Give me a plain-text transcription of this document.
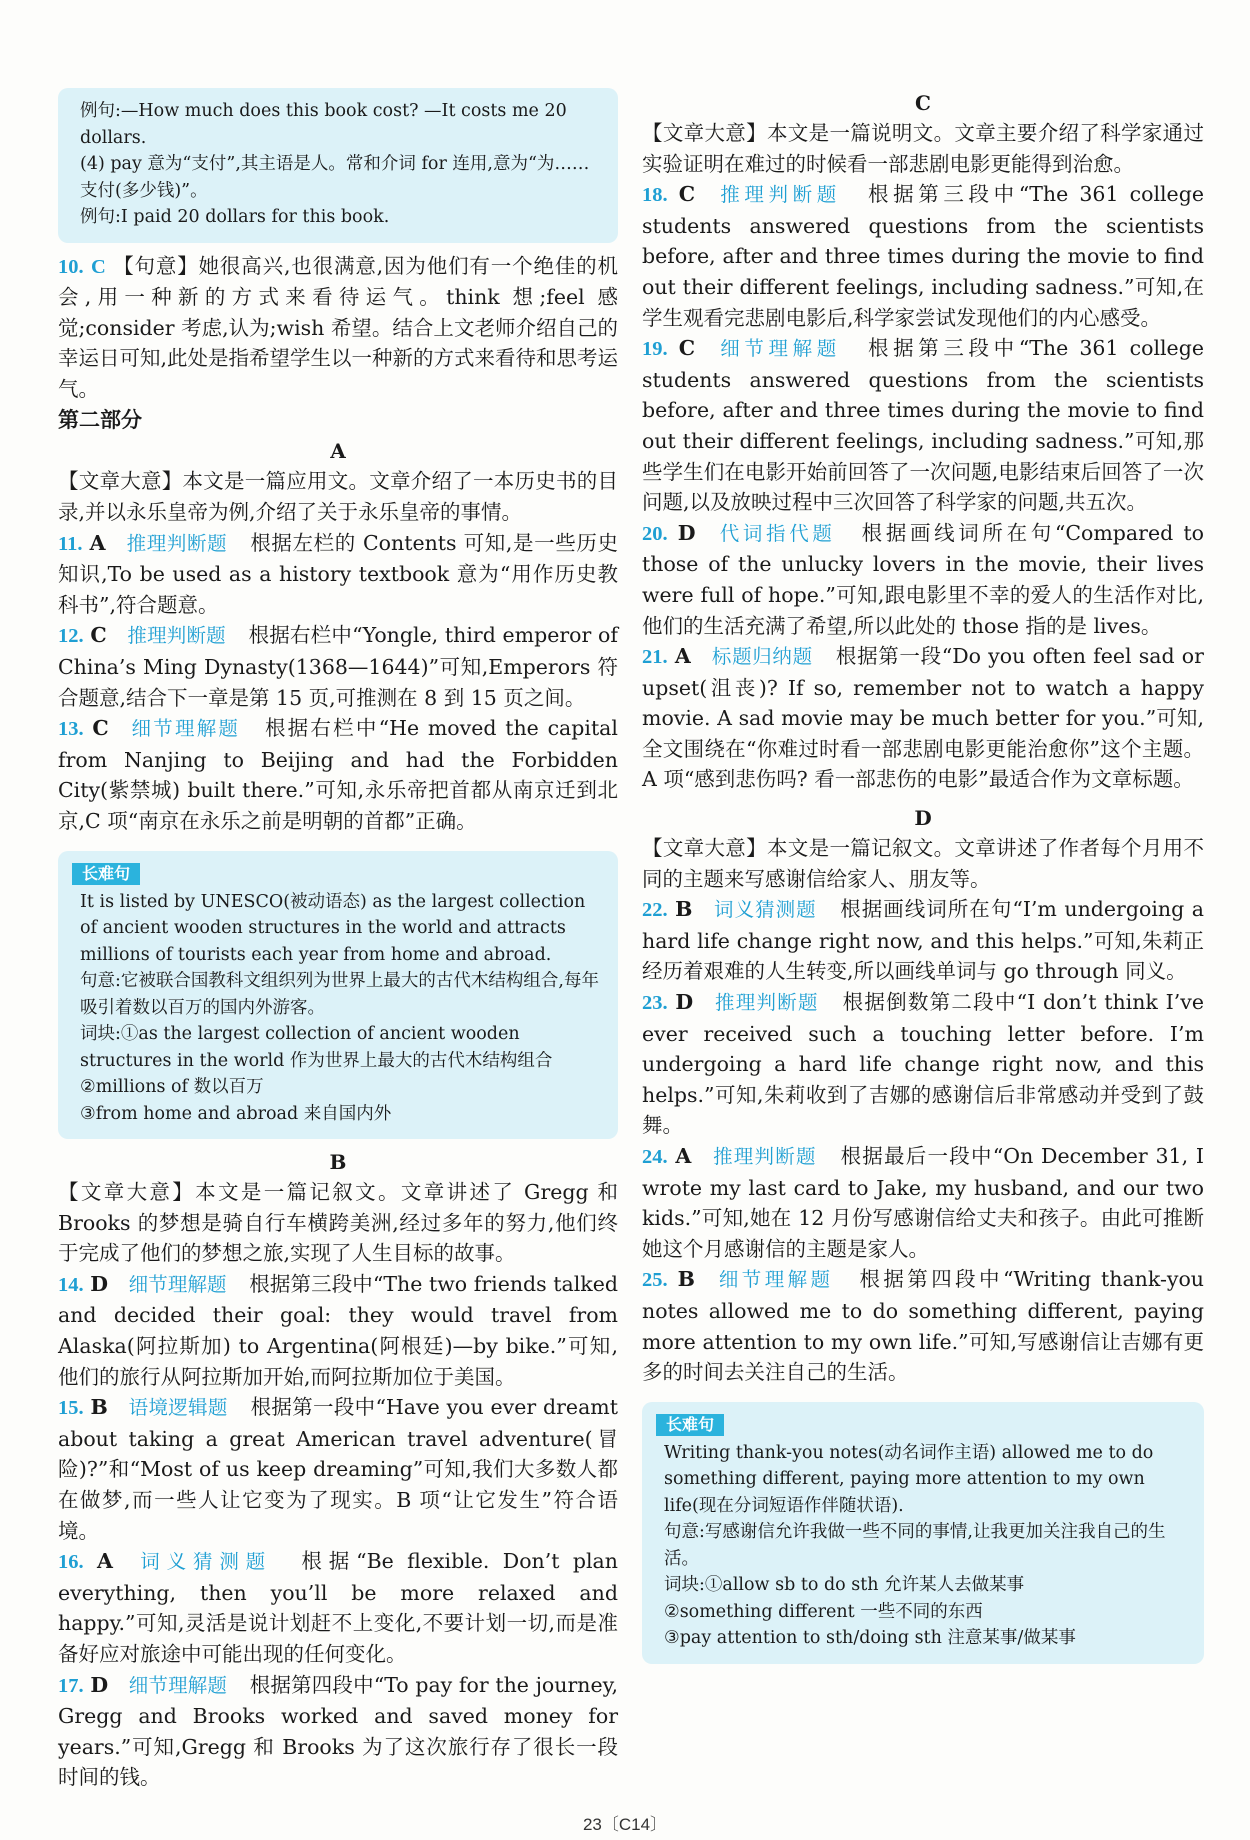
例句:—How much does this book cost? —It costs me 20 dollars.

(4) pay 意为“支付”,其主语是人。常和介词 for 连用,意为“为……支付(多少钱)”。

例句:I paid 20 dollars for this book.

10. C 【句意】她很高兴,也很满意,因为他们有一个绝佳的机会,用一种新的方式来看待运气。think 想;feel 感觉;consider 考虑,认为;wish 希望。结合上文老师介绍自己的幸运日可知,此处是指希望学生以一种新的方式来看待和思考运气。

第二部分

A

【文章大意】本文是一篇应用文。文章介绍了一本历史书的目录,并以永乐皇帝为例,介绍了关于永乐皇帝的事情。

11. A 推理判断题 根据左栏的 Contents 可知,是一些历史知识,To be used as a history textbook 意为“用作历史教科书”,符合题意。

12. C 推理判断题 根据右栏中“Yongle, third emperor of China’s Ming Dynasty(1368—1644)”可知,Emperors 符合题意,结合下一章是第 15 页,可推测在 8 到 15 页之间。

13. C 细节理解题 根据右栏中“He moved the capital from Nanjing to Beijing and had the Forbidden City(紫禁城) built there.”可知,永乐帝把首都从南京迁到北京,C 项“南京在永乐之前是明朝的首都”正确。

长难句

It is listed by UNESCO(被动语态) as the largest collection of ancient wooden structures in the world and attracts millions of tourists each year from home and abroad.

句意:它被联合国教科文组织列为世界上最大的古代木结构组合,每年吸引着数以百万的国内外游客。

词块:①as the largest collection of ancient wooden structures in the world 作为世界上最大的古代木结构组合

②millions of 数以百万

③from home and abroad 来自国内外

B

【文章大意】本文是一篇记叙文。文章讲述了 Gregg 和 Brooks 的梦想是骑自行车横跨美洲,经过多年的努力,他们终于完成了他们的梦想之旅,实现了人生目标的故事。

14. D 细节理解题 根据第三段中“The two friends talked and decided their goal: they would travel from Alaska(阿拉斯加) to Argentina(阿根廷)—by bike.”可知,他们的旅行从阿拉斯加开始,而阿拉斯加位于美国。

15. B 语境逻辑题 根据第一段中“Have you ever dreamt about taking a great American travel adventure(冒险)?”和“Most of us keep dreaming”可知,我们大多数人都在做梦,而一些人让它变为了现实。B 项“让它发生”符合语境。

16. A 词义猜测题 根据“Be flexible. Don’t plan everything, then you’ll be more relaxed and happy.”可知,灵活是说计划赶不上变化,不要计划一切,而是准备好应对旅途中可能出现的任何变化。

17. D 细节理解题 根据第四段中“To pay for the journey, Gregg and Brooks worked and saved money for years.”可知,Gregg 和 Brooks 为了这次旅行存了很长一段时间的钱。

C

【文章大意】本文是一篇说明文。文章主要介绍了科学家通过实验证明在难过的时候看一部悲剧电影更能得到治愈。

18. C 推理判断题 根据第三段中“The 361 college students answered questions from the scientists before, after and three times during the movie to find out their different feelings, including sadness.”可知,在学生观看完悲剧电影后,科学家尝试发现他们的内心感受。

19. C 细节理解题 根据第三段中“The 361 college students answered questions from the scientists before, after and three times during the movie to find out their different feelings, including sadness.”可知,那些学生们在电影开始前回答了一次问题,电影结束后回答了一次问题,以及放映过程中三次回答了科学家的问题,共五次。

20. D 代词指代题 根据画线词所在句“Compared to those of the unlucky lovers in the movie, their lives were full of hope.”可知,跟电影里不幸的爱人的生活作对比,他们的生活充满了希望,所以此处的 those 指的是 lives。

21. A 标题归纳题 根据第一段“Do you often feel sad or upset(沮丧)? If so, remember not to watch a happy movie. A sad movie may be much better for you.”可知,全文围绕在“你难过时看一部悲剧电影更能治愈你”这个主题。A 项“感到悲伤吗? 看一部悲伤的电影”最适合作为文章标题。

D

【文章大意】本文是一篇记叙文。文章讲述了作者每个月用不同的主题来写感谢信给家人、朋友等。

22. B 词义猜测题 根据画线词所在句“I’m undergoing a hard life change right now, and this helps.”可知,朱莉正经历着艰难的人生转变,所以画线单词与 go through 同义。

23. D 推理判断题 根据倒数第二段中“I don’t think I’ve ever received such a touching letter before. I’m undergoing a hard life change right now, and this helps.”可知,朱莉收到了吉娜的感谢信后非常感动并受到了鼓舞。

24. A 推理判断题 根据最后一段中“On December 31, I wrote my last card to Jake, my husband, and our two kids.”可知,她在 12 月份写感谢信给丈夫和孩子。由此可推断她这个月感谢信的主题是家人。

25. B 细节理解题 根据第四段中“Writing thank-you notes allowed me to do something different, paying more attention to my own life.”可知,写感谢信让吉娜有更多的时间去关注自己的生活。

长难句

Writing thank-you notes(动名词作主语) allowed me to do something different, paying more attention to my own life(现在分词短语作伴随状语).

句意:写感谢信允许我做一些不同的事情,让我更加关注我自己的生活。

词块:①allow sb to do sth 允许某人去做某事

②something different 一些不同的东西

③pay attention to sth/doing sth 注意某事/做某事

23〔C14〕
